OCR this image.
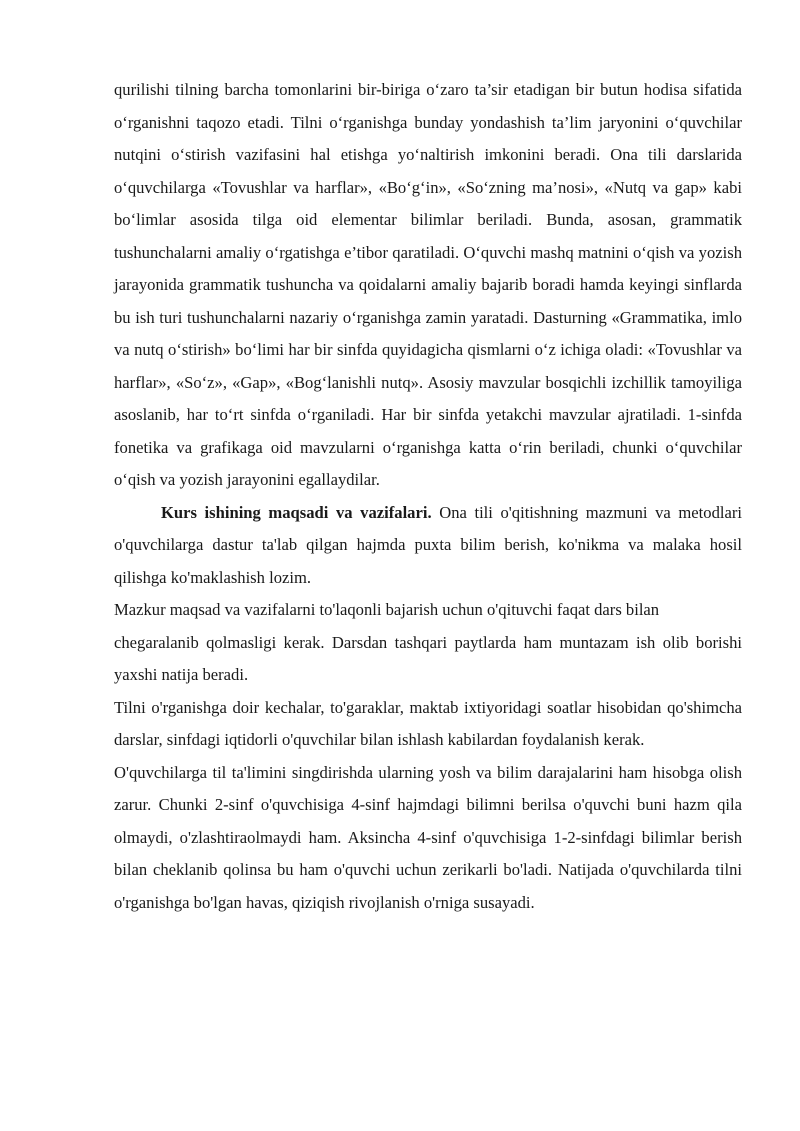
qurilishi tilning barcha tomonlarini bir-biriga o‘zaro ta’sir etadigan bir butun hodisa sifatida o‘rganishni taqozo etadi. Tilni o‘rganishga bunday yondashish ta’lim jaryonini o‘quvchilar nutqini o‘stirish vazifasini hal etishga yo‘naltirish imkonini beradi. Ona tili darslarida o‘quvchilarga «Tovushlar va harflar», «Bo‘g‘in», «So‘zning ma’nosi», «Nutq va gap» kabi bo‘limlar asosida tilga oid elementar bilimlar beriladi. Bunda, asosan, grammatik tushunchalarni amaliy o‘rgatishga e’tibor qaratiladi. O‘quvchi mashq matnini o‘qish va yozish jarayonida grammatik tushuncha va qoidalarni amaliy bajarib boradi hamda keyingi sinflarda bu ish turi tushunchalarni nazariy o‘rganishga zamin yaratadi. Dasturning «Grammatika, imlo va nutq o‘stirish» bo‘limi har bir sinfda quyidagicha qismlarni o‘z ichiga oladi: «Tovushlar va harflar», «So‘z», «Gap», «Bog‘lanishli nutq». Asosiy mavzular bosqichli izchillik tamoyiliga asoslanib, har to‘rt sinfda o‘rganiladi. Har bir sinfda yetakchi mavzular ajratiladi. 1-sinfda fonetika va grafikaga oid mavzularni o‘rganishga katta o‘rin beriladi, chunki o‘quvchilar o‘qish va yozish jarayonini egallaydilar.

Kurs ishining maqsadi va vazifalari. Ona tili o'qitishning mazmuni va metodlari o'quvchilarga dastur ta'lab qilgan hajmda puxta bilim berish, ko'nikma va malaka hosil qilishga ko'maklashish lozim.

Mazkur maqsad va vazifalarni to'laqonli bajarish uchun o'qituvchi faqat dars bilan
chegaralanib qolmasligi kerak. Darsdan tashqari paytlarda ham muntazam ish olib borishi yaxshi natija beradi.

Tilni o'rganishga doir kechalar, to'garaklar, maktab ixtiyoridagi soatlar hisobidan qo'shimcha darslar, sinfdagi iqtidorli o'quvchilar bilan ishlash kabilardan foydalanish kerak.

O'quvchilarga til ta'limini singdirishda ularning yosh va bilim darajalarini ham hisobga olish zarur. Chunki 2-sinf o'quvchisiga 4-sinf hajmdagi bilimni berilsa o'quvchi buni hazm qila olmaydi, o'zlashtiraolmaydi ham. Aksincha 4-sinf o'quvchisiga 1-2-sinfdagi bilimlar berish bilan cheklanib qolinsa bu ham o'quvchi uchun zerikarli bo'ladi. Natijada o'quvchilarda tilni o'rganishga bo'lgan havas, qiziqish rivojlanish o'rniga susayadi.
